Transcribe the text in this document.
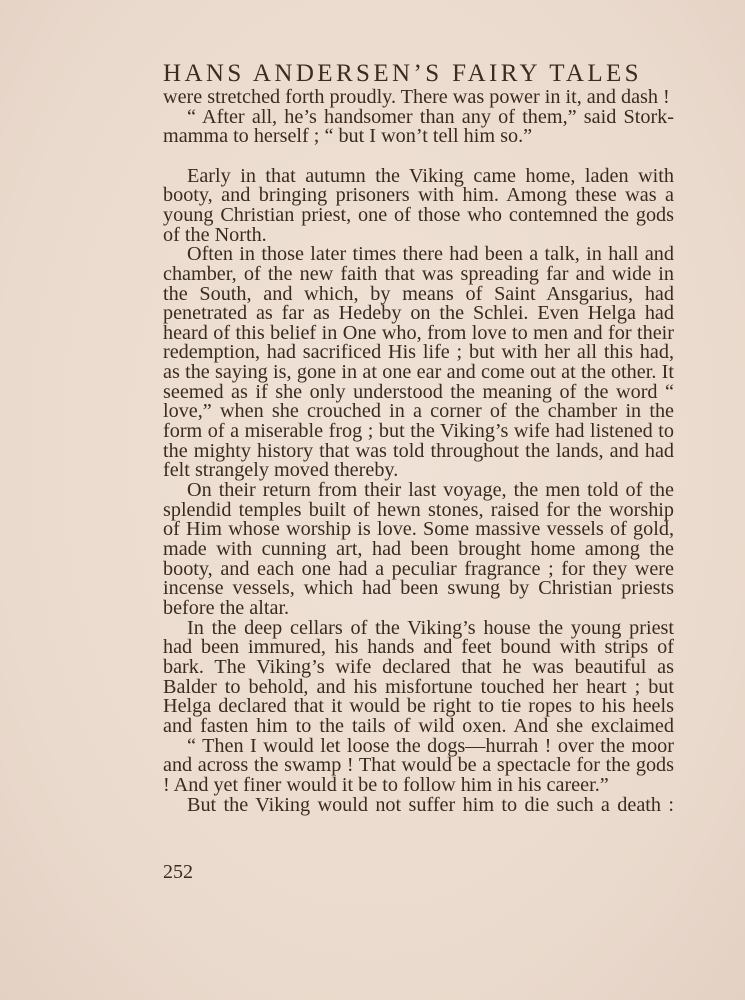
HANS ANDERSEN’S FAIRY TALES

were stretched forth proudly. There was power in it, and dash !

“ After all, he’s handsomer than any of them,” said Stork-mamma to herself ; “ but I won’t tell him so.”

Early in that autumn the Viking came home, laden with booty, and bringing prisoners with him. Among these was a young Christian priest, one of those who contemned the gods of the North.

Often in those later times there had been a talk, in hall and chamber, of the new faith that was spreading far and wide in the South, and which, by means of Saint Ansgarius, had penetrated as far as Hedeby on the Schlei. Even Helga had heard of this belief in One who, from love to men and for their redemption, had sacrificed His life ; but with her all this had, as the saying is, gone in at one ear and come out at the other. It seemed as if she only understood the meaning of the word “ love,” when she crouched in a corner of the chamber in the form of a miserable frog ; but the Viking’s wife had listened to the mighty history that was told throughout the lands, and had felt strangely moved thereby.

On their return from their last voyage, the men told of the splendid temples built of hewn stones, raised for the worship of Him whose worship is love. Some massive vessels of gold, made with cunning art, had been brought home among the booty, and each one had a peculiar fragrance ; for they were incense vessels, which had been swung by Christian priests before the altar.

In the deep cellars of the Viking’s house the young priest had been immured, his hands and feet bound with strips of bark. The Viking’s wife declared that he was beautiful as Balder to behold, and his misfortune touched her heart ; but Helga declared that it would be right to tie ropes to his heels and fasten him to the tails of wild oxen. And she exclaimed

“ Then I would let loose the dogs—hurrah ! over the moor and across the swamp ! That would be a spectacle for the gods ! And yet finer would it be to follow him in his career.”

But the Viking would not suffer him to die such a death :

252
